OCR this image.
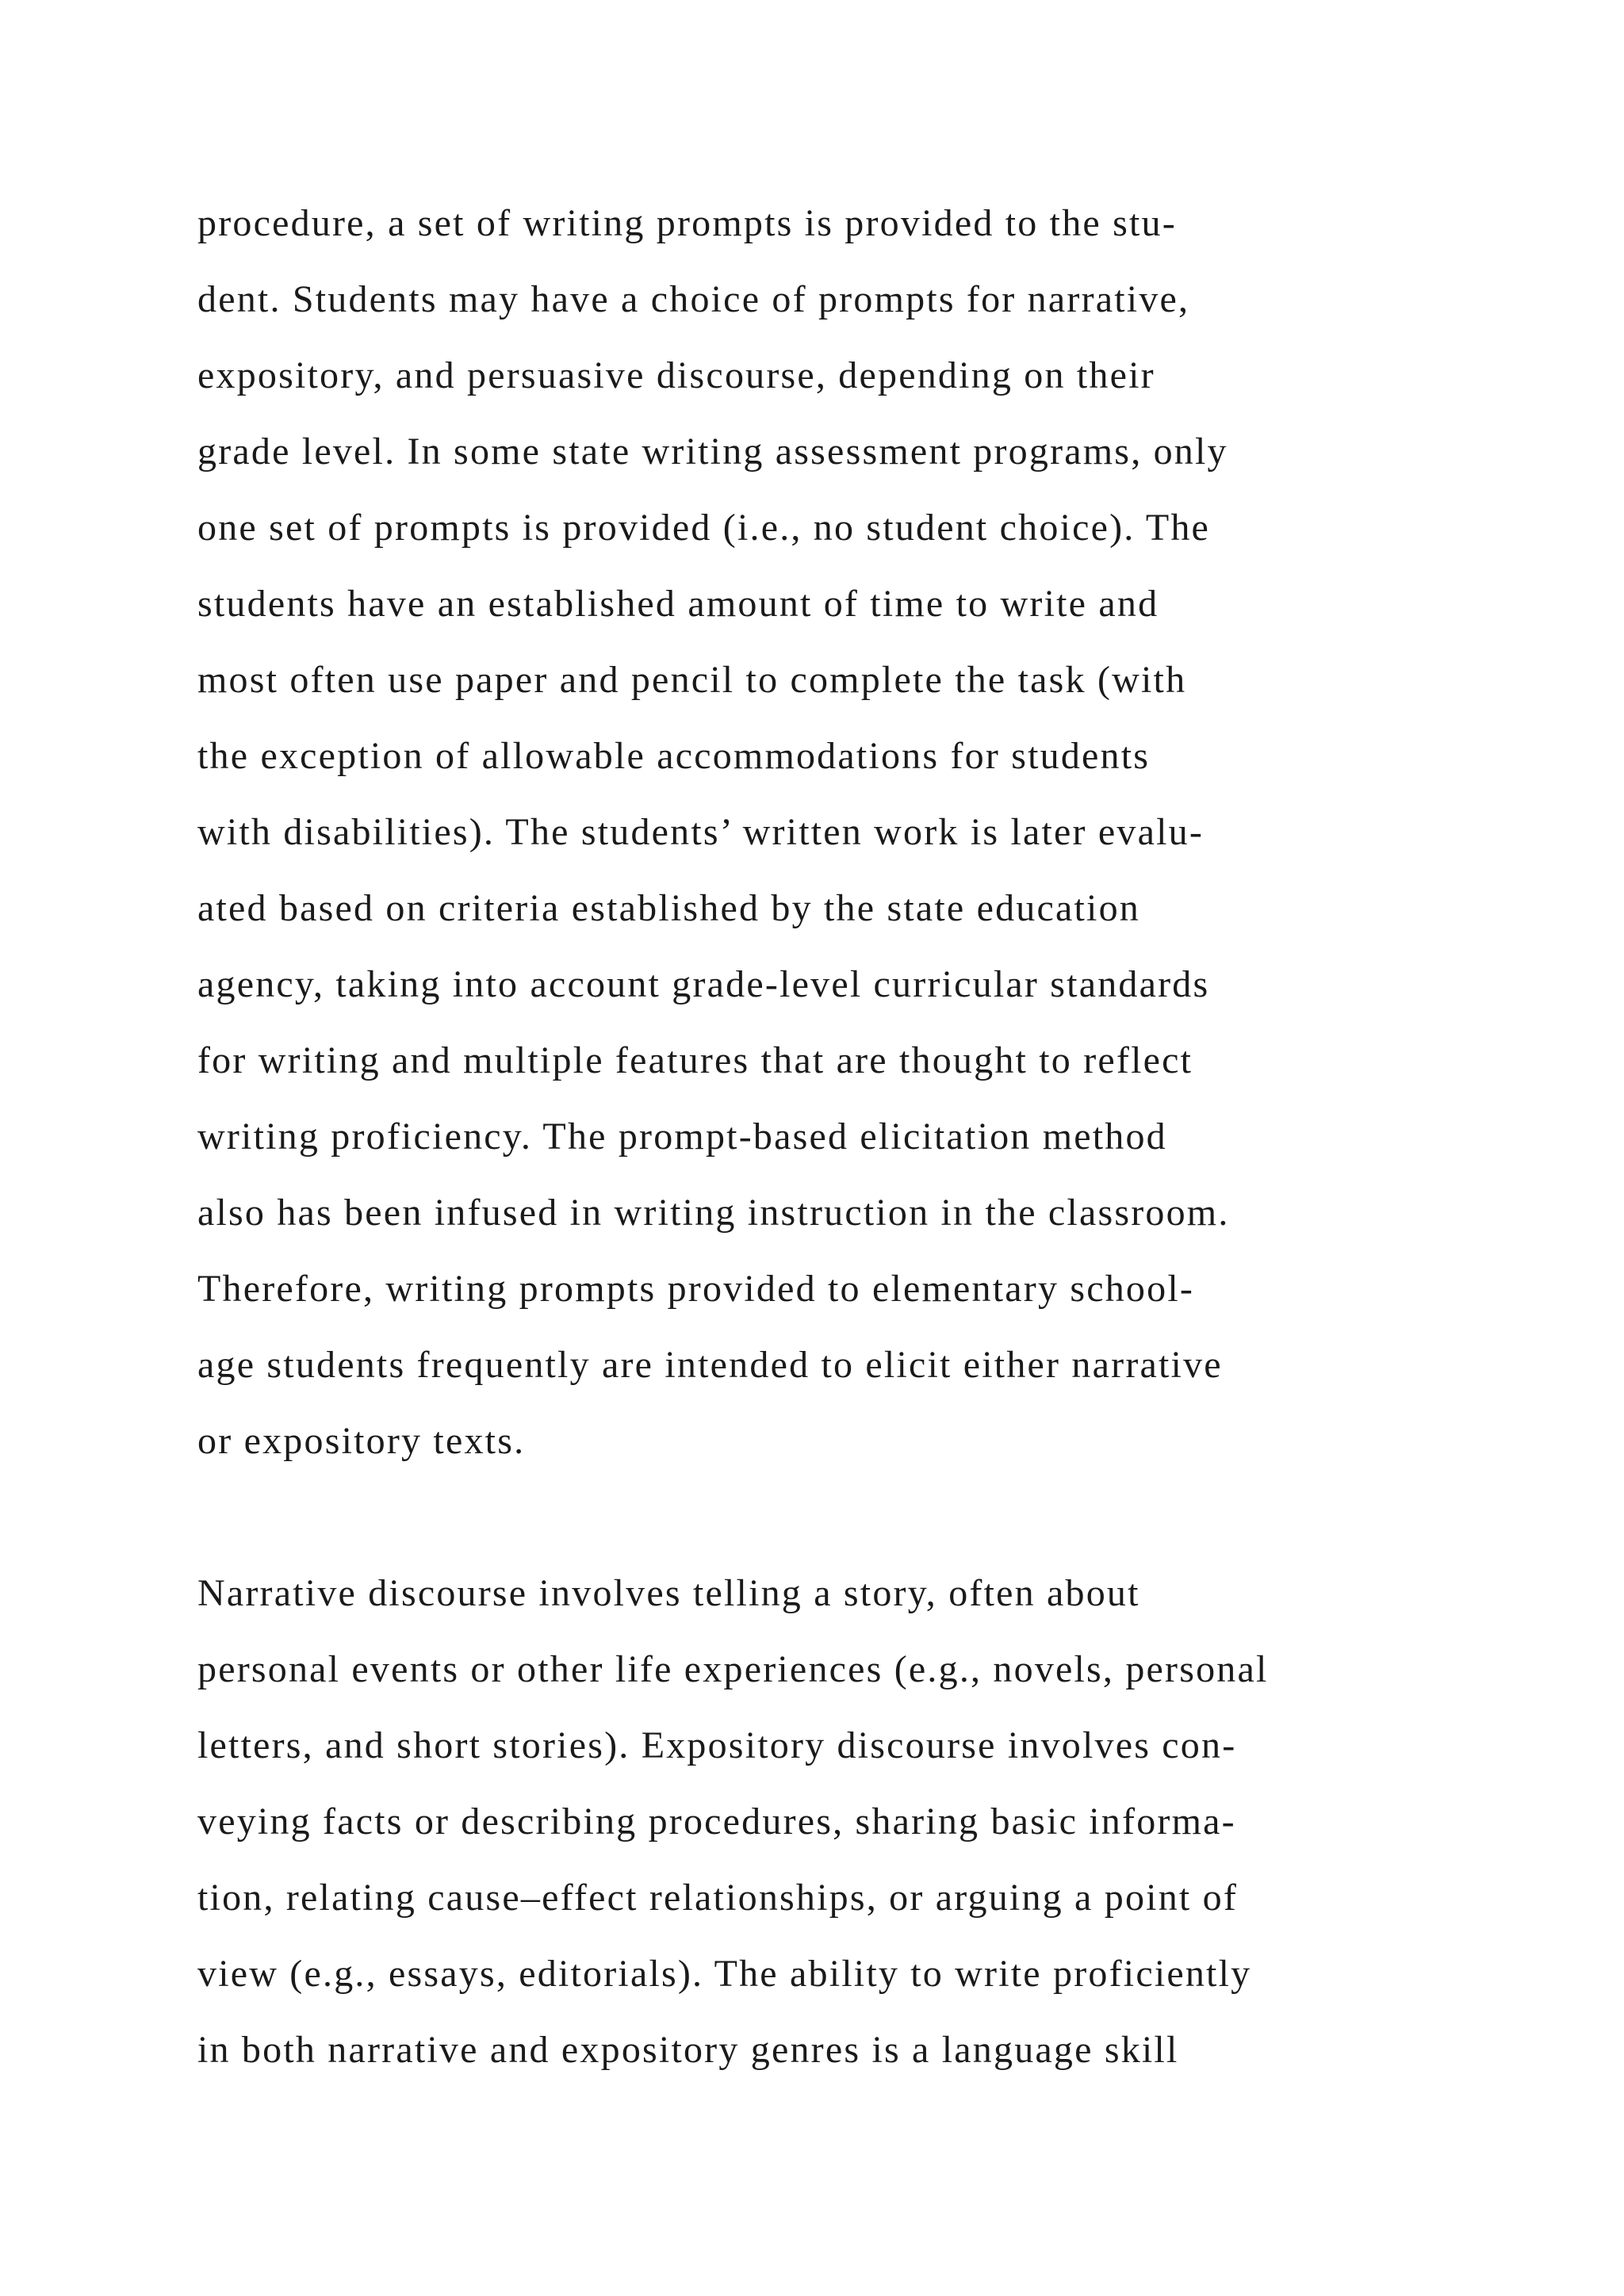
procedure, a set of writing prompts is provided to the stu-
dent. Students may have a choice of prompts for narrative,
expository, and persuasive discourse, depending on their
grade level. In some state writing assessment programs, only
one set of prompts is provided (i.e., no student choice). The
students have an established amount of time to write and
most often use paper and pencil to complete the task (with
the exception of allowable accommodations for students
with disabilities). The students’ written work is later evalu-
ated based on criteria established by the state education
agency, taking into account grade-level curricular standards
for writing and multiple features that are thought to reflect
writing proficiency. The prompt-based elicitation method
also has been infused in writing instruction in the classroom.
Therefore, writing prompts provided to elementary school-
age students frequently are intended to elicit either narrative
or expository texts.
Narrative discourse involves telling a story, often about
personal events or other life experiences (e.g., novels, personal
letters, and short stories). Expository discourse involves con-
veying facts or describing procedures, sharing basic informa-
tion, relating cause–effect relationships, or arguing a point of
view (e.g., essays, editorials). The ability to write proficiently
in both narrative and expository genres is a language skill
